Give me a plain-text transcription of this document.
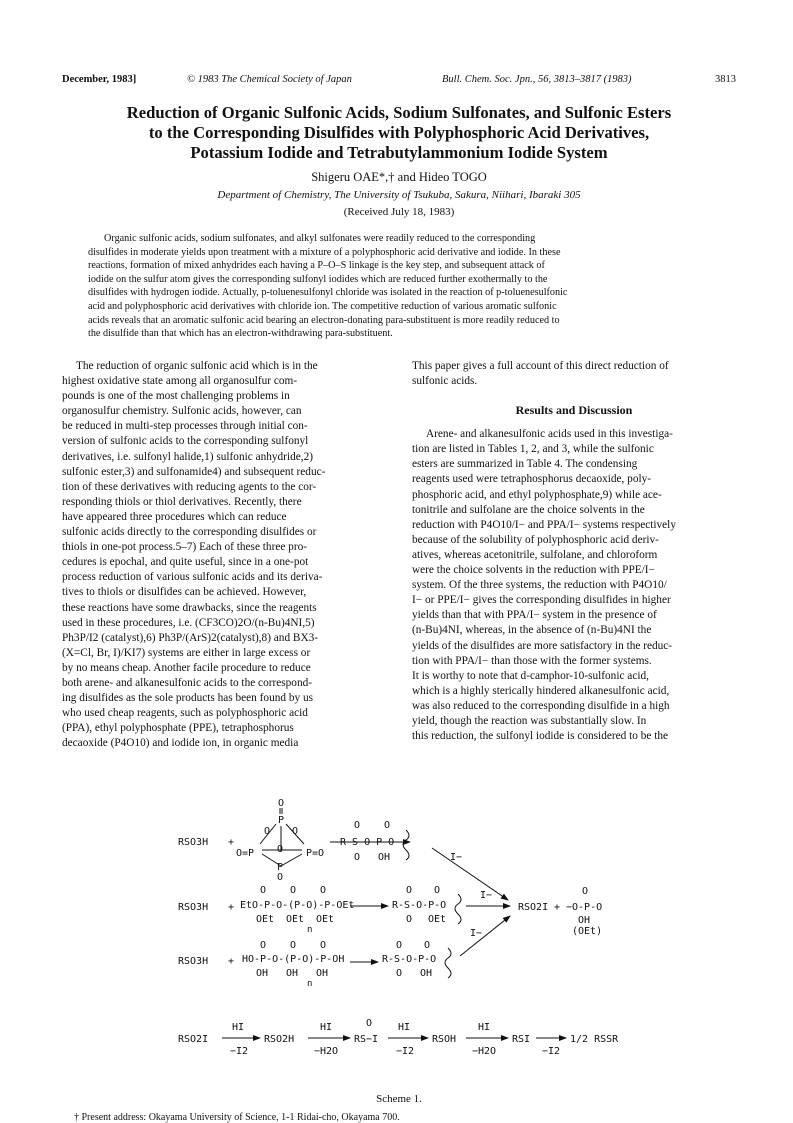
December, 1983]	© 1983 The Chemical Society of Japan	Bull. Chem. Soc. Jpn., 56, 3813–3817 (1983)	3813
Reduction of Organic Sulfonic Acids, Sodium Sulfonates, and Sulfonic Esters
to the Corresponding Disulfides with Polyphosphoric Acid Derivatives,
Potassium Iodide and Tetrabutylammonium Iodide System
Shigeru OAE*,† and Hideo TOGO
Department of Chemistry, The University of Tsukuba, Sakura, Niihari, Ibaraki 305
(Received July 18, 1983)
Organic sulfonic acids, sodium sulfonates, and alkyl sulfonates were readily reduced to the corresponding
disulfides in moderate yields upon treatment with a mixture of a polyphosphoric acid derivative and iodide. In these
reactions, formation of mixed anhydrides each having a P–O–S linkage is the key step, and subsequent attack of
iodide on the sulfur atom gives the corresponding sulfonyl iodides which are reduced further exothermally to the
disulfides with hydrogen iodide. Actually, p-toluenesulfonyl chloride was isolated in the reaction of p-toluenesulfonic
acid and polyphosphoric acid derivatives with chloride ion. The competitive reduction of various aromatic sulfonic
acids reveals that an aromatic sulfonic acid bearing an electron-donating para-substituent is more readily reduced to
the disulfide than that which has an electron-withdrawing para-substituent.
The reduction of organic sulfonic acid which is in the
highest oxidative state among all organosulfur com-
pounds is one of the most challenging problems in
organosulfur chemistry. Sulfonic acids, however, can
be reduced in multi-step processes through initial con-
version of sulfonic acids to the corresponding sulfonyl
derivatives, i.e. sulfonyl halide,1) sulfonic anhydride,2)
sulfonic ester,3) and sulfonamide4) and subsequent reduc-
tion of these derivatives with reducing agents to the cor-
responding thiols or thiol derivatives. Recently, there
have appeared three procedures which can reduce
sulfonic acids directly to the corresponding disulfides or
thiols in one-pot process.5–7) Each of these three pro-
cedures is epochal, and quite useful, since in a one-pot
process reduction of various sulfonic acids and its deriva-
tives to thiols or disulfides can be achieved. However,
these reactions have some drawbacks, since the reagents
used in these procedures, i.e. (CF3CO)2O/(n-Bu)4NI,5)
Ph3P/I2 (catalyst),6) Ph3P/(ArS)2(catalyst),8) and BX3-
(X=Cl, Br, I)/KI7) systems are either in large excess or
by no means cheap. Another facile procedure to reduce
both arene- and alkanesulfonic acids to the correspond-
ing disulfides as the sole products has been found by us
who used cheap reagents, such as polyphosphoric acid
(PPA), ethyl polyphosphate (PPE), tetraphosphorus
decaoxide (P4O10) and iodide ion, in organic media
This paper gives a full account of this direct reduction of
sulfonic acids.
Results and Discussion
Arene- and alkanesulfonic acids used in this investiga-
tion are listed in Tables 1, 2, and 3, while the sulfonic
esters are summarized in Table 4. The condensing
reagents used were tetraphosphorus decaoxide, poly-
phosphoric acid, and ethyl polyphosphate,9) while ace-
tonitrile and sulfolane are the choice solvents in the
reduction with P4O10/I− and PPA/I− systems respectively
because of the solubility of polyphosphoric acid deriv-
atives, whereas acetonitrile, sulfolane, and chloroform
were the choice solvents in the reduction with PPE/I−
system. Of the three systems, the reduction with P4O10/
I− or PPE/I− gives the corresponding disulfides in higher
yields than that with PPA/I− system in the presence of
(n-Bu)4NI, whereas, in the absence of (n-Bu)4NI the
yields of the disulfides are more satisfactory in the reduc-
tion with PPA/I− than those with the former systems.
It is worthy to note that d-camphor-10-sulfonic acid,
which is a highly sterically hindered alkanesulfonic acid,
was also reduced to the corresponding disulfide in a high
yield, though the reaction was substantially slow. In
this reduction, the sulfonyl iodide is considered to be the
RSO3H +
O
P
O O
O=P	P=O
O
P
O
O O
R-S-O-P-O
O OH	I−
RSO3H +
O O O
EtO-P-O-(P-O)-P-OEt
OEt OEt OEt
n
O O
R-S-O-P-O
O OEt
I−
RSO2I +
O
−O-P-O
OH
(OEt)
RSO3H +
O O O
HO-P-O-(P-O)-P-OH
OH OH OH
n
O O
R-S-O-P-O
O OH
I−
RSO2I
HI
−I2
RSO2H
HI
−H2O
O
RS−I
HI
−I2
RSOH
HI
−H2O
RSI
−I2
1/2 RSSR
Scheme 1.
† Present address: Okayama University of Science, 1-1 Ridai-cho, Okayama 700.
